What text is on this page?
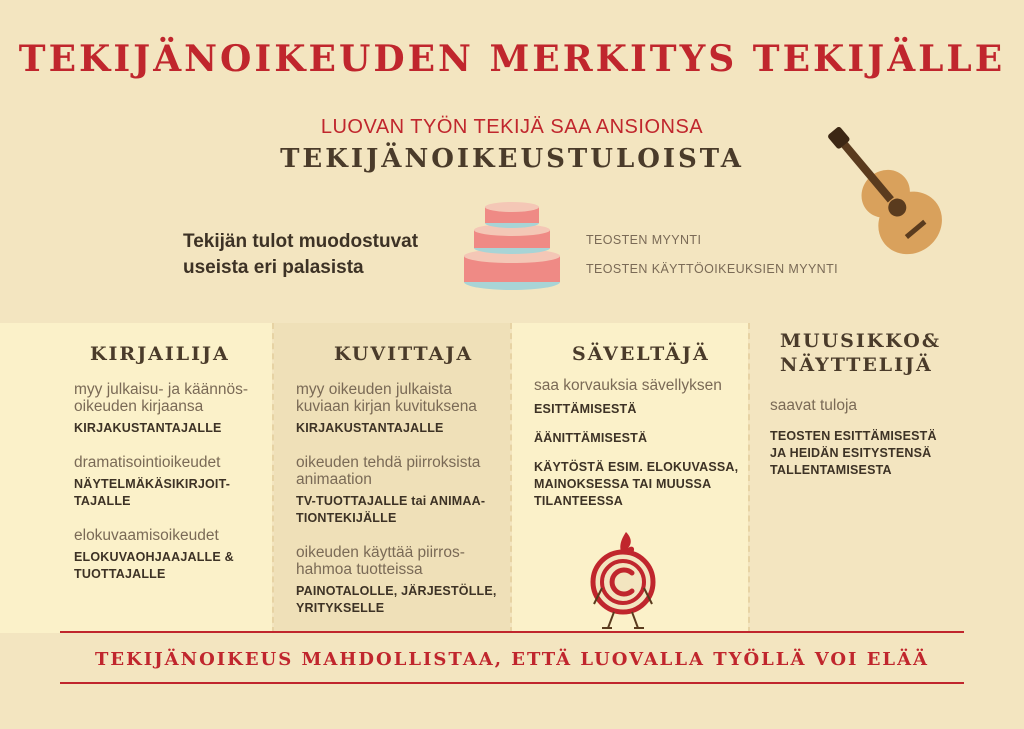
TEKIJÄNOIKEUDEN MERKITYS TEKIJÄLLE
LUOVAN TYÖN TEKIJÄ SAA ANSIONSA
TEKIJÄNOIKEUSTULOISTA
Tekijän tulot muodostuvat
useista eri palasista
TEOSTEN MYYNTI
TEOSTEN KÄYTTÖOIKEUKSIEN MYYNTI
KIRJAILIJA

myy julkaisu- ja käännös-

oikeuden kirjaansa

KIRJAKUSTANTAJALLE

dramatisointioikeudet

NÄYTELMÄKÄSIKIRJOIT-

TAJALLE

elokuvaamisoikeudet

ELOKUVAOHJAAJALLE &

TUOTTAJALLE

KUVITTAJA

myy oikeuden julkaista

kuviaan kirjan kuvituksena

KIRJAKUSTANTAJALLE

oikeuden tehdä piirroksista

animaation

TV-TUOTTAJALLE tai ANIMAA-

TIONTEKIJÄLLE

oikeuden käyttää piirros-

hahmoa tuotteissa

PAINOTALOLLE, JÄRJESTÖLLE,

YRITYKSELLE

SÄVELTÄJÄ

saa korvauksia sävellyksen

ESITTÄMISESTÄ

ÄÄNITTÄMISESTÄ

KÄYTÖSTÄ ESIM. ELOKUVASSA,

MAINOKSESSA TAI MUUSSA

TILANTEESSA

MUUSIKKO&
NÄYTTELIJÄ

saavat tuloja

TEOSTEN ESITTÄMISESTÄ

JA HEIDÄN ESITYSTENSÄ

TALLENTAMISESTA

TEKIJÄNOIKEUS MAHDOLLISTAA, ETTÄ LUOVALLA TYÖLLÄ VOI ELÄÄ
